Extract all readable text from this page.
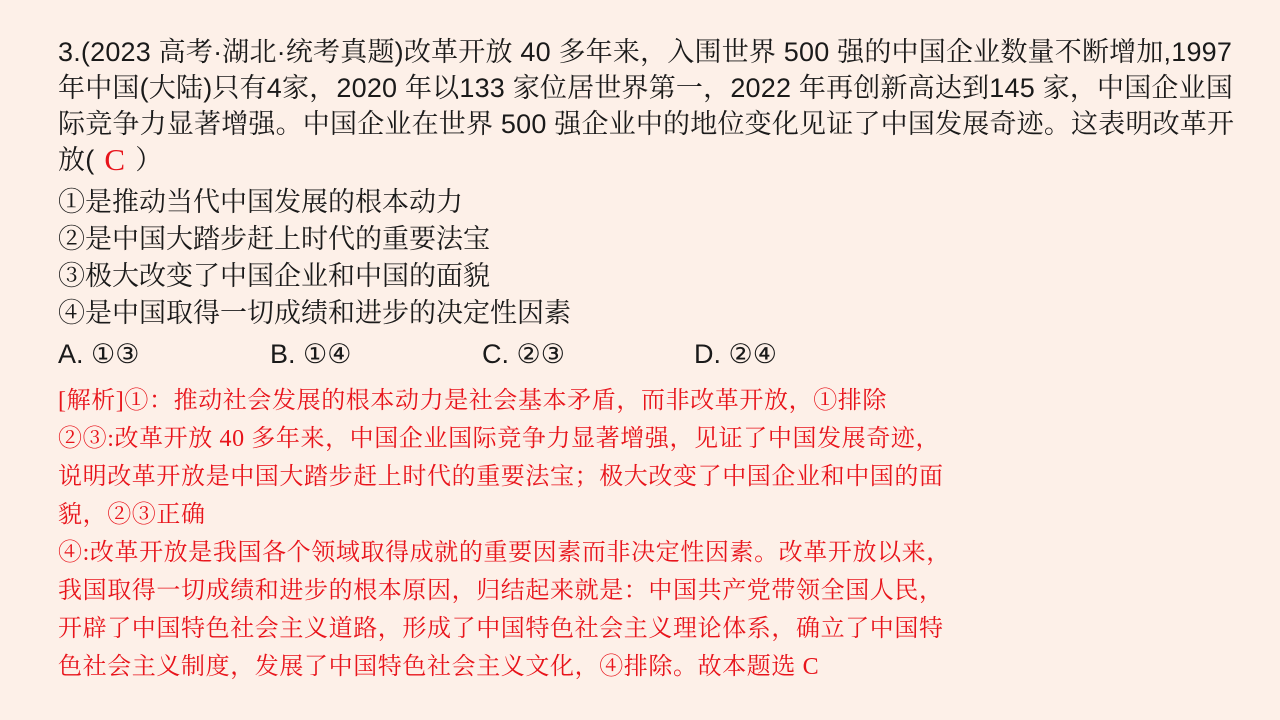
3.(2023 高考·湖北·统考真题)改革开放 40 多年来，入围世界 500 强的中国企业数量不断增加,1997年中国(大陆)只有4家，2020 年以133 家位居世界第一，2022 年再创新高达到145 家，中国企业国际竞争力显著增强。中国企业在世界 500 强企业中的地位变化见证了中国发展奇迹。这表明改革开放( C ）
①是推动当代中国发展的根本动力
②是中国大踏步赶上时代的重要法宝
③极大改变了中国企业和中国的面貌
④是中国取得一切成绩和进步的决定性因素
A. ①③	B. ①④	C. ②③	D. ②④

[解析]①：推动社会发展的根本动力是社会基本矛盾，而非改革开放，①排除

②③:改革开放 40 多年来，中国企业国际竞争力显著增强，见证了中国发展奇迹，

说明改革开放是中国大踏步赶上时代的重要法宝；极大改变了中国企业和中国的面

貌，②③正确

④:改革开放是我国各个领域取得成就的重要因素而非决定性因素。改革开放以来，

我国取得一切成绩和进步的根本原因，归结起来就是：中国共产党带领全国人民，

开辟了中国特色社会主义道路，形成了中国特色社会主义理论体系，确立了中国特

色社会主义制度，发展了中国特色社会主义文化，④排除。故本题选 C
